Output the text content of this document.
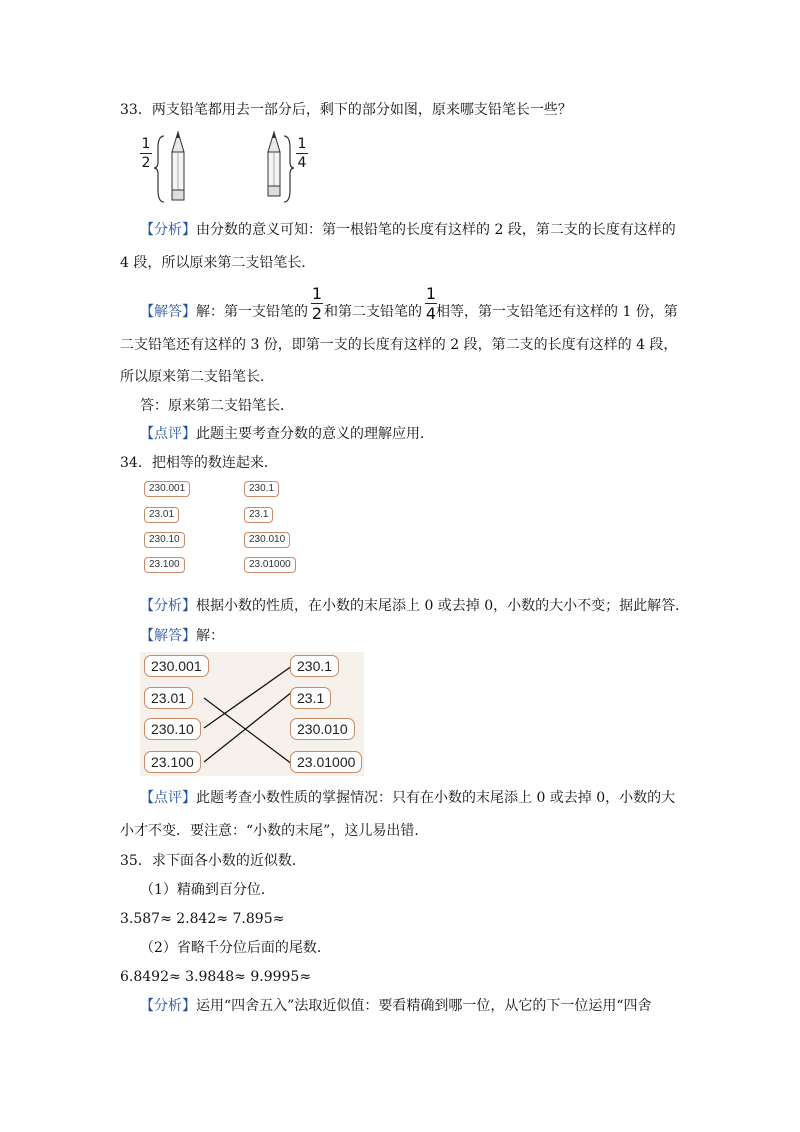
33．两支铅笔都用去一部分后，剩下的部分如图，原来哪支铅笔长一些？
1
2
1
4
【分析】由分数的意义可知：第一根铅笔的长度有这样的 2 段，第二支的长度有这样的
4 段，所以原来第二支铅笔长．
【解答】解：第一支铅笔的 和第二支铅笔的 相等，第一支铅笔还有这样的 1 份，第
1
2
1
4
二支铅笔还有这样的 3 份，即第一支的长度有这样的 2 段，第二支的长度有这样的 4 段，
所以原来第二支铅笔长．
答：原来第二支铅笔长．
【点评】此题主要考查分数的意义的理解应用．
34．把相等的数连起来．
230.001
23.01
230.10
23.100
230.1
23.1
230.010
23.01000
【分析】根据小数的性质，在小数的末尾添上 0 或去掉 0，小数的大小不变；据此解答．
【解答】解：
230.001
23.01
230.10
23.100
230.1
23.1
230.010
23.01000
【点评】此题考查小数性质的掌握情况：只有在小数的末尾添上 0 或去掉 0，小数的大
小才不变．要注意：“小数的末尾”，这儿易出错．
35．求下面各小数的近似数．
（1）精确到百分位．
3.587≈ 2.842≈ 7.895≈
（2）省略千分位后面的尾数．
6.8492≈ 3.9848≈ 9.9995≈
【分析】运用“四舍五入”法取近似值：要看精确到哪一位，从它的下一位运用“四舍
